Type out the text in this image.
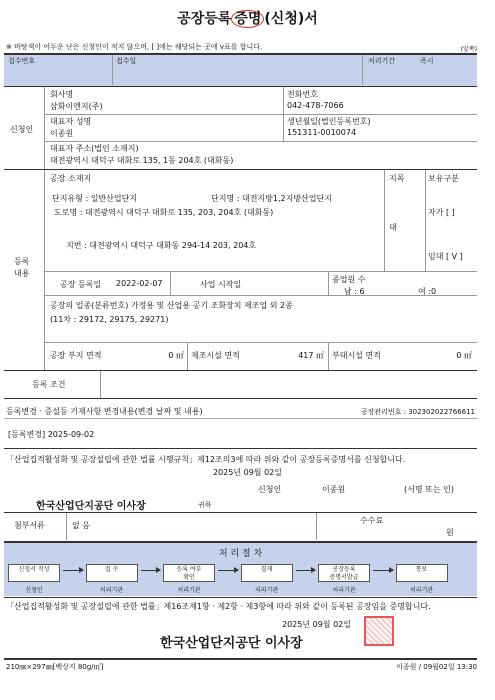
공장등록 증명 (신청)서
※ 바탕색이 어두운 난은 신청인이 적지 않으며, [ ]에는 해당되는 곳에 v표를 합니다.	(앞쪽)
접수번호	접수일	처리기간	즉시
신청인
회사명
삼화이엔지(주)
전화번호
042-478-7066
대표자 성명
이종원
생년월일(법인등록번호)
151311-0010074
대표자 주소(법인 소재지)
대전광역시 대덕구 대화로 135, 1동 204호 (대화동)
등록
내용
공장 소재지
단지유형 : 일반산업단지	단지명 : 대전지방1,2지방산업단지
도로명 : 대전광역시 대덕구 대화로 135, 203, 204호 (대화동)
지번 : 대전광역시 대덕구 대화동 294-14 203, 204호
지목
대
보유구분
자가 [ ]
임대 [ V ]
공장 등록일 2022-02-07	사업 시작일
종업원 수
남 : 6	여 :0
공장의 업종(분류번호) 가정용 및 산업용 공기 조화장치 제조업 외 2종
(11차 : 29172, 29175, 29271)
공장 부지 면적	0 ㎡ 제조시설 면적	417 ㎡ 부대시설 면적	0 ㎡
등록 조건
등록변경 · 증설등 기재사항 변경내용(변경 날짜 및 내용)	공장관리번호 : 302302022766611
[등록변경] 2025-09-02
「산업집적활성화 및 공장설립에 관한 법률 시행규칙」제12조의3에 따라 위와 같이 공장등록증명서를 신청합니다.
2025년 09월 02일
신청인	이종원	(서명 또는 인)
한국산업단지공단 이사장	귀하
첨부서류	없 음
수수료
원
처 리 절 차
신청서 작성
신청인
접 수
처리기관
등록 여부
확인
처리기관
결재
처리기관
공장등록
증명서발급
처리기관
통보
처리기관
「산업집적활성화 및 공장설립에 관한 법률」제16조제1항 · 제2항 · 제3항에 따라 위와 같이 등록된 공장임을 증명합니다.
2025년 09월 02일
한국산업단지공단 이사장
210㎜×297㎜[백상지 80g/㎡]	이종원 / 09월02일 13:30
